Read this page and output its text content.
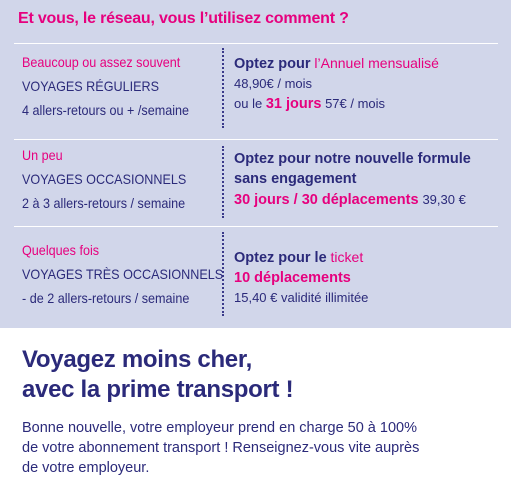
Et vous, le réseau, vous l’utilisez comment ?
Beaucoup ou assez souvent
VOYAGES RÉGULIERS
4 allers-retours ou + /semaine
Optez pour l’Annuel mensualisé
48,90€ / mois
ou le 31 jours 57€ / mois
Un peu
VOYAGES OCCASIONNELS
2 à 3 allers-retours / semaine
Optez pour notre nouvelle formule
sans engagement
30 jours / 30 déplacements 39,30 €
Quelques fois
VOYAGES TRÈS OCCASIONNELS
- de 2 allers-retours / semaine
Optez pour le ticket
10 déplacements
15,40 € validité illimitée
Voyagez moins cher,
avec la prime transport !
Bonne nouvelle, votre employeur prend en charge 50 à 100%
de votre abonnement transport ! Renseignez-vous vite auprès
de votre employeur.
